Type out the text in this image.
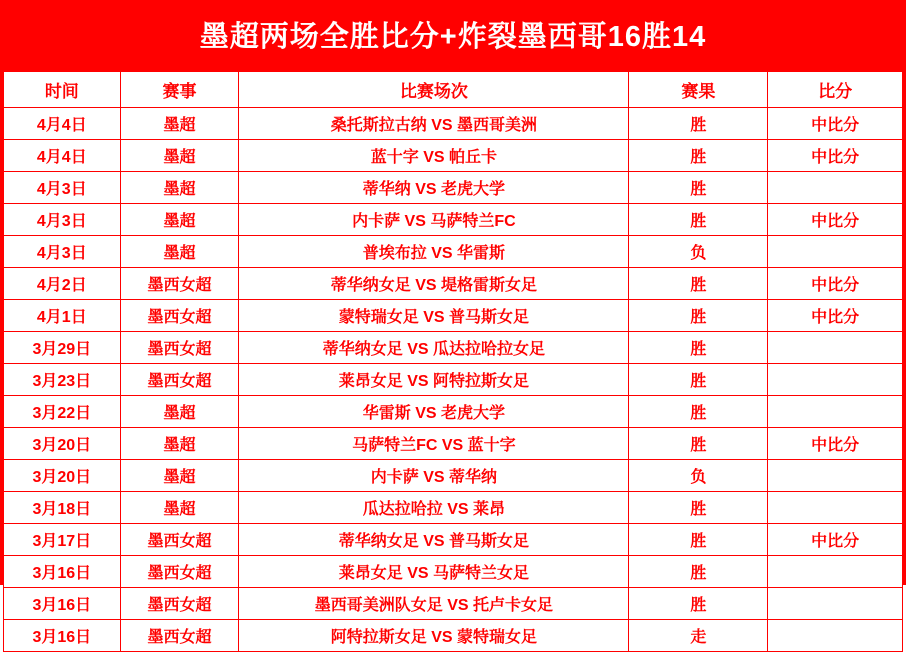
墨超两场全胜比分+炸裂墨西哥16胜14
时间	赛事	比赛场次	赛果	比分
4月4日	墨超	桑托斯拉古纳 VS 墨西哥美洲	胜	中比分
4月4日	墨超	蓝十字 VS 帕丘卡	胜	中比分
4月3日	墨超	蒂华纳 VS 老虎大学	胜	
4月3日	墨超	内卡萨 VS 马萨特兰FC	胜	中比分
4月3日	墨超	普埃布拉 VS 华雷斯	负	
4月2日	墨西女超	蒂华纳女足 VS 堤格雷斯女足	胜	中比分
4月1日	墨西女超	蒙特瑞女足 VS 普马斯女足	胜	中比分
3月29日	墨西女超	蒂华纳女足 VS 瓜达拉哈拉女足	胜	
3月23日	墨西女超	莱昂女足 VS 阿特拉斯女足	胜	
3月22日	墨超	华雷斯 VS 老虎大学	胜	
3月20日	墨超	马萨特兰FC VS 蓝十字	胜	中比分
3月20日	墨超	内卡萨 VS 蒂华纳	负	
3月18日	墨超	瓜达拉哈拉 VS 莱昂	胜	
3月17日	墨西女超	蒂华纳女足 VS 普马斯女足	胜	中比分
3月16日	墨西女超	莱昂女足 VS 马萨特兰女足	胜	
3月16日	墨西女超	墨西哥美洲队女足 VS 托卢卡女足	胜	
3月16日	墨西女超	阿特拉斯女足 VS 蒙特瑞女足	走	
